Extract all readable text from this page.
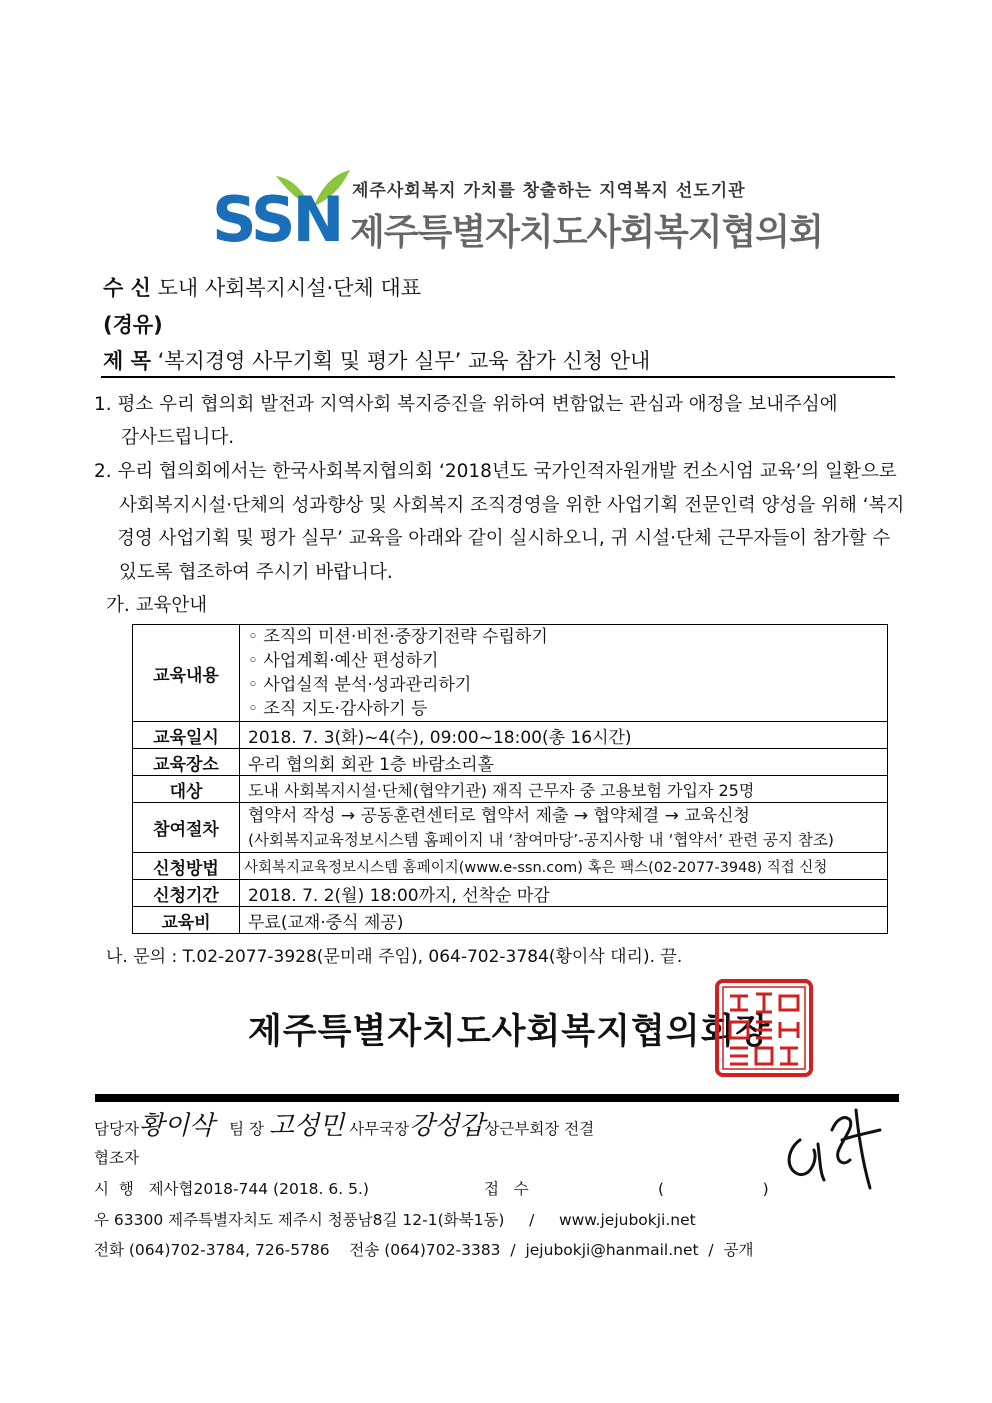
SSN 제주사회복지 가치를 창출하는 지역복지 선도기관
제주특별자치도사회복지협의회
수 신 도내 사회복지시설·단체 대표
(경유)
제 목 ‘복지경영 사무기획 및 평가 실무’ 교육 참가 신청 안내
1. 평소 우리 협의회 발전과 지역사회 복지증진을 위하여 변함없는 관심과 애정을 보내주심에
감사드립니다.
2. 우리 협의회에서는 한국사회복지협의회 ‘2018년도 국가인적자원개발 컨소시엄 교육’의 일환으로
사회복지시설·단체의 성과향상 및 사회복지 조직경영을 위한 사업기획 전문인력 양성을 위해 ‘복지
경영 사업기획 및 평가 실무’ 교육을 아래와 같이 실시하오니, 귀 시설·단체 근무자들이 참가할 수
있도록 협조하여 주시기 바랍니다.
가. 교육안내
교육내용	◦ 조직의 미션·비전·중장기전략 수립하기
◦ 사업계획·예산 편성하기
◦ 사업실적 분석·성과관리하기
◦ 조직 지도·감사하기 등

교육일시	2018. 7. 3(화)~4(수), 09:00~18:00(총 16시간)
교육장소	우리 협의회 회관 1층 바람소리홀
대상	도내 사회복지시설·단체(협약기관) 재직 근무자 중 고용보험 가입자 25명
참여절차	협약서 작성 → 공동훈련센터로 협약서 제출 → 협약체결 → 교육신청
(사회복지교육정보시스템 홈페이지 내 ‘참여마당’-공지사항 내 ‘협약서’ 관련 공지 참조)

신청방법	사회복지교육정보시스템 홈페이지(www.e-ssn.com) 혹은 팩스(02-2077-3948) 직접 신청
신청기간	2018. 7. 2(월) 18:00까지, 선착순 마감
교육비	무료(교재·중식 제공)
나. 문의 : T.02-2077-3928(문미래 주임), 064-702-3784(황이삭 대리). 끝.
제주특별자치도사회복지협의회장
담당자황이삭 팀 장 고성민 사무국장강성갑상근부회장 전결
협조자
시  행   제사협2018-744 (2018. 6. 5.)	접   수	(                    )
우 63300 제주특별자치도 제주시 청풍남8길 12-1(화북1동)     /     www.jejubokji.net
전화 (064)702-3784, 726-5786    전송 (064)702-3383  /  jejubokji@hanmail.net  /  공개
